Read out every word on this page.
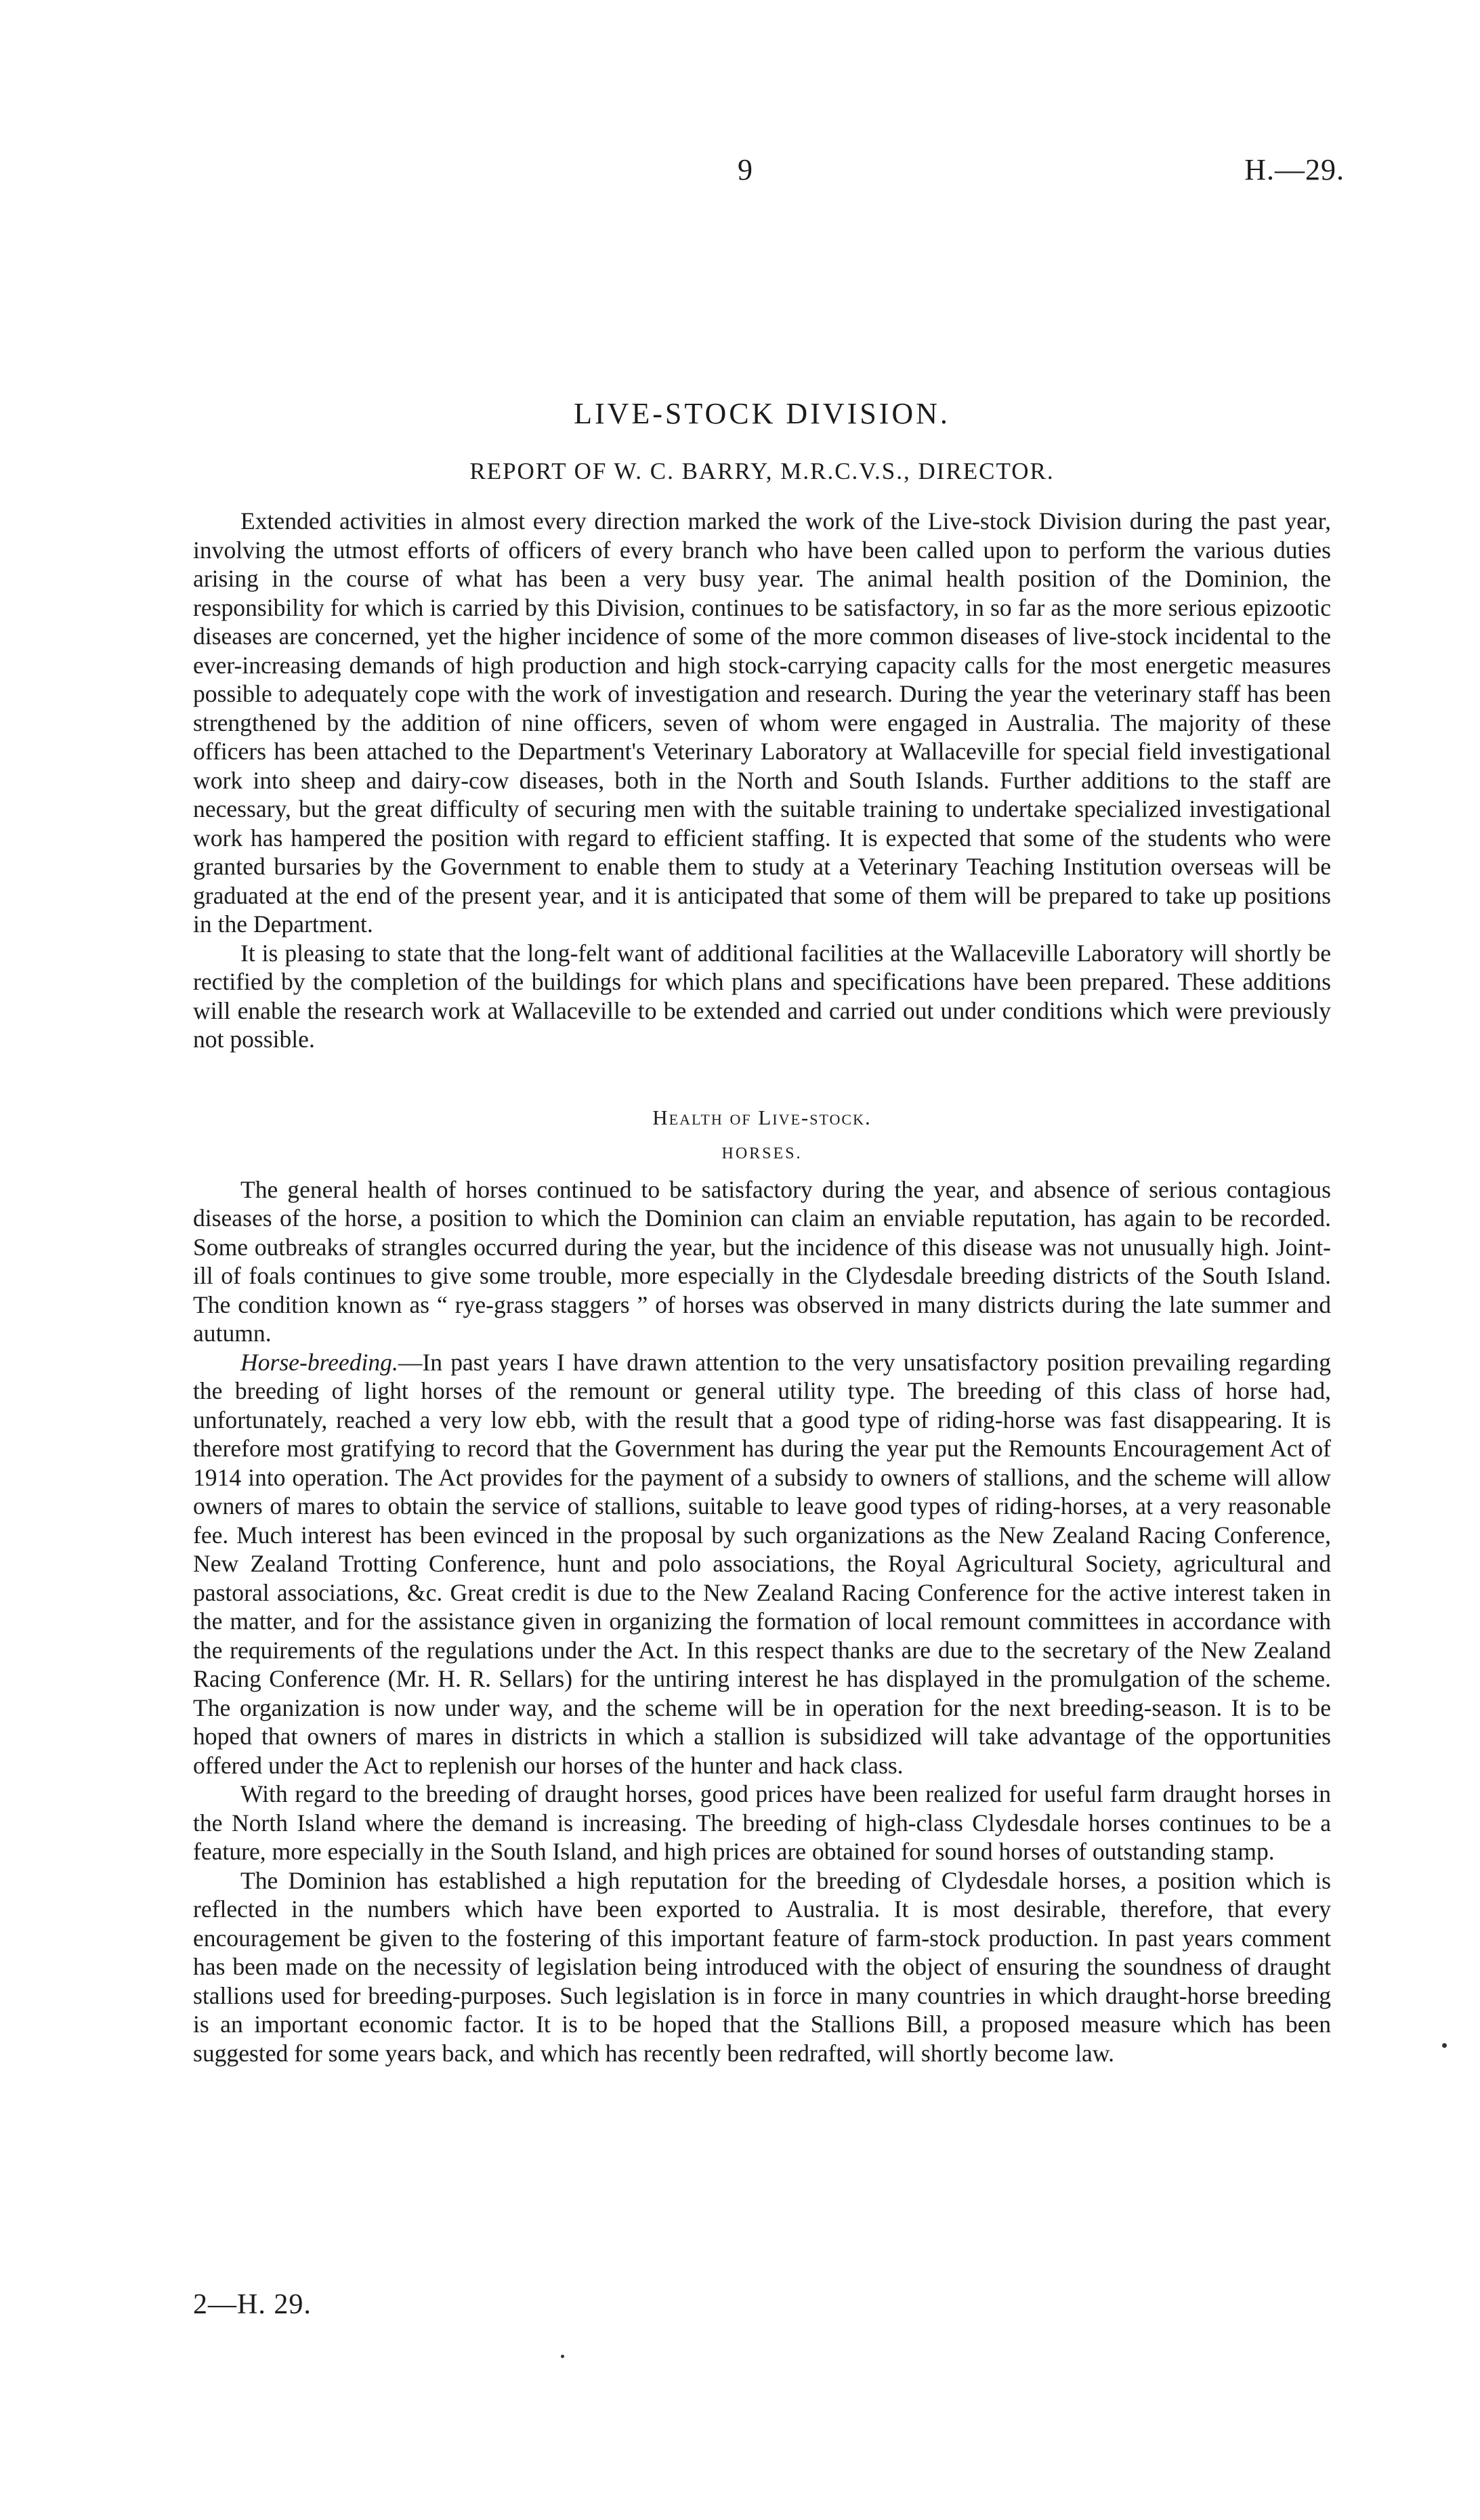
9	H.—29.
LIVE-STOCK DIVISION.
REPORT OF W. C. BARRY, M.R.C.V.S., DIRECTOR.

Extended activities in almost every direction marked the work of the Live-stock Division during the past year, involving the utmost efforts of officers of every branch who have been called upon to perform the various duties arising in the course of what has been a very busy year. The animal health position of the Dominion, the responsibility for which is carried by this Division, continues to be satisfactory, in so far as the more serious epizootic diseases are concerned, yet the higher incidence of some of the more common diseases of live-stock incidental to the ever-increasing demands of high production and high stock-carrying capacity calls for the most energetic measures possible to adequately cope with the work of investigation and research. During the year the veterinary staff has been strengthened by the addition of nine officers, seven of whom were engaged in Australia. The majority of these officers has been attached to the Department's Veterinary Laboratory at Wallaceville for special field investigational work into sheep and dairy-cow diseases, both in the North and South Islands. Further additions to the staff are necessary, but the great difficulty of securing men with the suitable training to undertake specialized investigational work has hampered the position with regard to efficient staffing. It is expected that some of the students who were granted bursaries by the Government to enable them to study at a Veterinary Teaching Institution overseas will be graduated at the end of the present year, and it is anticipated that some of them will be prepared to take up positions in the Department.

It is pleasing to state that the long-felt want of additional facilities at the Wallaceville Laboratory will shortly be rectified by the completion of the buildings for which plans and specifications have been prepared. These additions will enable the research work at Wallaceville to be extended and carried out under conditions which were previously not possible.

Health of Live-stock.
HORSES.

The general health of horses continued to be satisfactory during the year, and absence of serious contagious diseases of the horse, a position to which the Dominion can claim an enviable reputation, has again to be recorded. Some outbreaks of strangles occurred during the year, but the incidence of this disease was not unusually high. Joint-ill of foals continues to give some trouble, more especially in the Clydesdale breeding districts of the South Island. The condition known as “ rye-grass staggers ” of horses was observed in many districts during the late summer and autumn.

Horse-breeding.—In past years I have drawn attention to the very unsatisfactory position prevailing regarding the breeding of light horses of the remount or general utility type. The breeding of this class of horse had, unfortunately, reached a very low ebb, with the result that a good type of riding-horse was fast disappearing. It is therefore most gratifying to record that the Government has during the year put the Remounts Encouragement Act of 1914 into operation. The Act provides for the payment of a subsidy to owners of stallions, and the scheme will allow owners of mares to obtain the service of stallions, suitable to leave good types of riding-horses, at a very reasonable fee. Much interest has been evinced in the proposal by such organizations as the New Zealand Racing Conference, New Zealand Trotting Conference, hunt and polo associations, the Royal Agricultural Society, agricultural and pastoral associations, &c. Great credit is due to the New Zealand Racing Conference for the active interest taken in the matter, and for the assistance given in organizing the formation of local remount committees in accordance with the requirements of the regulations under the Act. In this respect thanks are due to the secretary of the New Zealand Racing Conference (Mr. H. R. Sellars) for the untiring interest he has displayed in the promulgation of the scheme. The organization is now under way, and the scheme will be in operation for the next breeding-season. It is to be hoped that owners of mares in districts in which a stallion is subsidized will take advantage of the opportunities offered under the Act to replenish our horses of the hunter and hack class.

With regard to the breeding of draught horses, good prices have been realized for useful farm draught horses in the North Island where the demand is increasing. The breeding of high-class Clydesdale horses continues to be a feature, more especially in the South Island, and high prices are obtained for sound horses of outstanding stamp.

The Dominion has established a high reputation for the breeding of Clydesdale horses, a position which is reflected in the numbers which have been exported to Australia. It is most desirable, therefore, that every encouragement be given to the fostering of this important feature of farm-stock production. In past years comment has been made on the necessity of legislation being introduced with the object of ensuring the soundness of draught stallions used for breeding-purposes. Such legislation is in force in many countries in which draught-horse breeding is an important economic factor. It is to be hoped that the Stallions Bill, a proposed measure which has been suggested for some years back, and which has recently been redrafted, will shortly become law.

2—H. 29.
